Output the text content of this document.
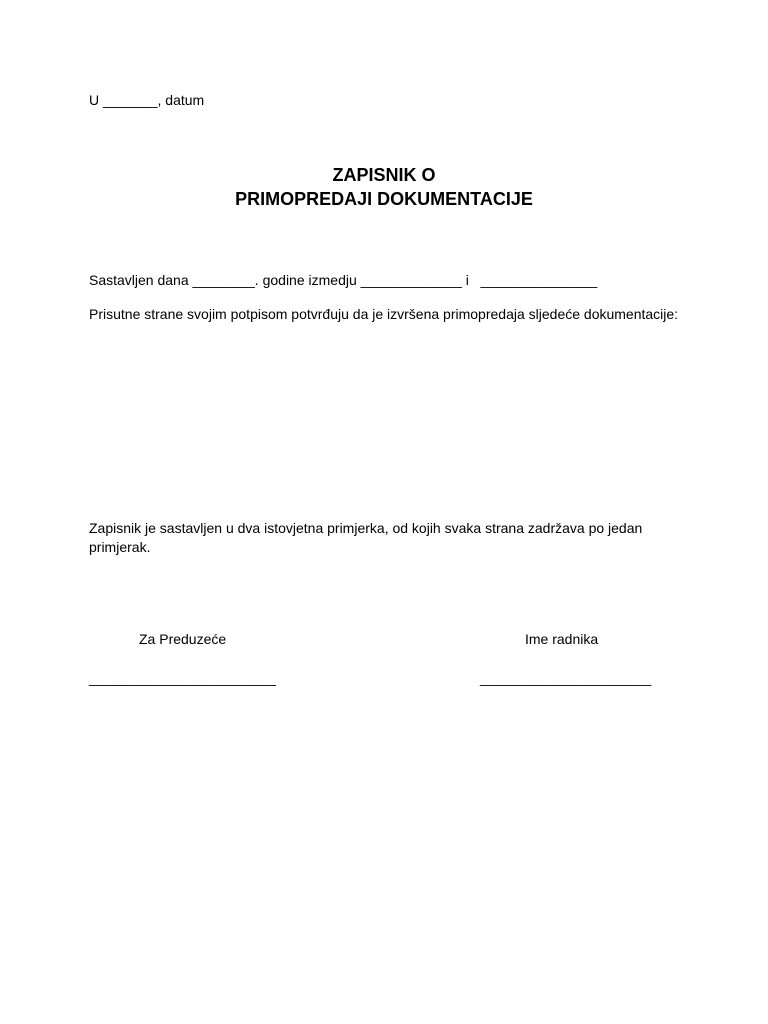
U _______, datum
ZAPISNIK O
PRIMOPREDAJI DOKUMENTACIJE
Sastavljen dana ________. godine izmedju _____________ i   _______________
Prisutne strane svojim potpisom potvrđuju da je izvršena primopredaja sljedeće dokumentacije:
Zapisnik je sastavljen u dva istovjetna primjerka, od kojih svaka strana zadržava po jedan primjerak.
Za Preduzeće	Ime radnika
________________________	______________________
